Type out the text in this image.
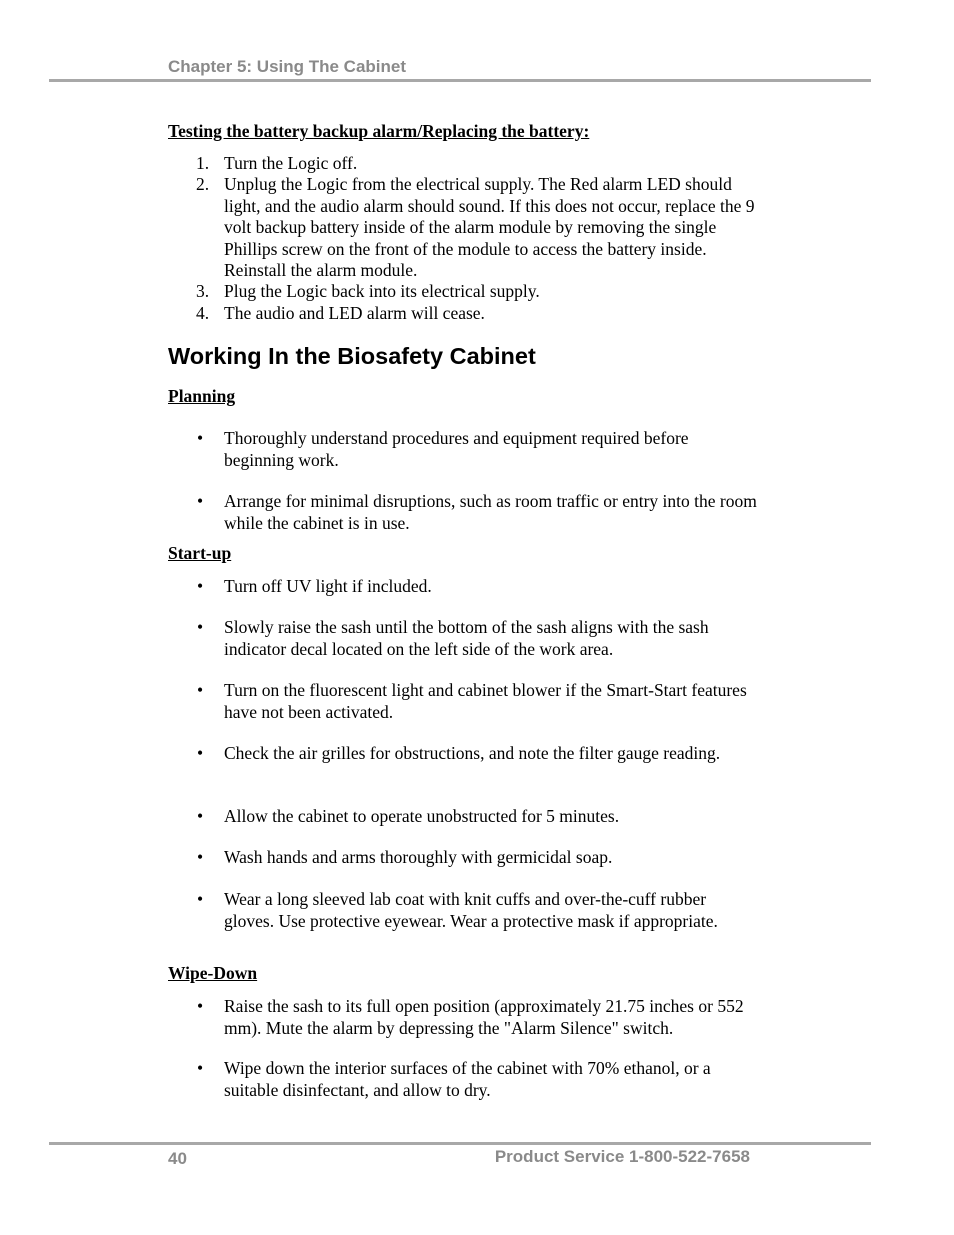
Chapter 5: Using The Cabinet
Testing the battery backup alarm/Replacing the battery:
1. Turn the Logic off.
2. Unplug the Logic from the electrical supply. The Red alarm LED should light, and the audio alarm should sound. If this does not occur, replace the 9 volt backup battery inside of the alarm module by removing the single Phillips screw on the front of the module to access the battery inside. Reinstall the alarm module.
3. Plug the Logic back into its electrical supply.
4. The audio and LED alarm will cease.
Working In the Biosafety Cabinet
Planning
• Thoroughly understand procedures and equipment required before beginning work.
• Arrange for minimal disruptions, such as room traffic or entry into the room while the cabinet is in use.
Start-up
• Turn off UV light if included.
• Slowly raise the sash until the bottom of the sash aligns with the sash indicator decal located on the left side of the work area.
• Turn on the fluorescent light and cabinet blower if the Smart-Start features have not been activated.
• Check the air grilles for obstructions, and note the filter gauge reading.
• Allow the cabinet to operate unobstructed for 5 minutes.
• Wash hands and arms thoroughly with germicidal soap.
• Wear a long sleeved lab coat with knit cuffs and over-the-cuff rubber gloves. Use protective eyewear. Wear a protective mask if appropriate.
Wipe-Down
• Raise the sash to its full open position (approximately 21.75 inches or 552 mm). Mute the alarm by depressing the "Alarm Silence" switch.
• Wipe down the interior surfaces of the cabinet with 70% ethanol, or a suitable disinfectant, and allow to dry.
40	Product Service 1-800-522-7658
